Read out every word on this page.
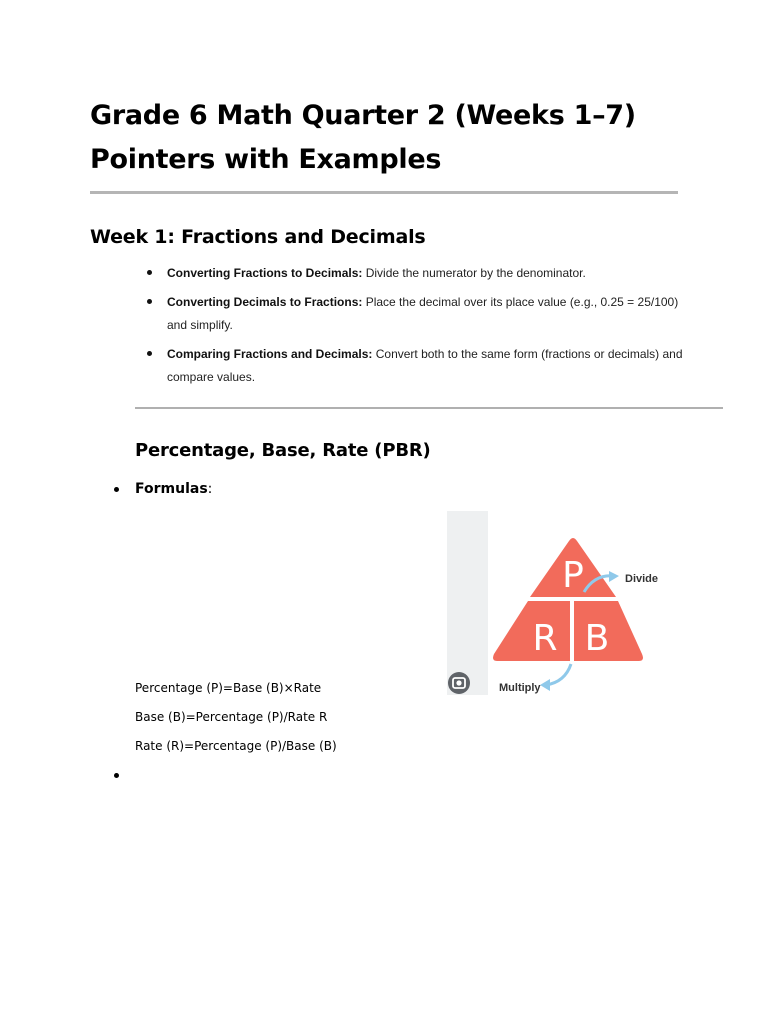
Grade 6 Math Quarter 2 (Weeks 1–7)
Pointers with Examples
Week 1: Fractions and Decimals
Converting Fractions to Decimals: Divide the numerator by the denominator.
Converting Decimals to Fractions: Place the decimal over its place value (e.g., 0.25 = 25/100) and simplify.
Comparing Fractions and Decimals: Convert both to the same form (fractions or decimals) and compare values.
Percentage, Base, Rate (PBR)
Formulas:
Percentage (P)=Base (B)×Rate
Base (B)=Percentage (P)/Rate R
Rate (R)=Percentage (P)/Base (B)
P
R B
Divide
Multiply
